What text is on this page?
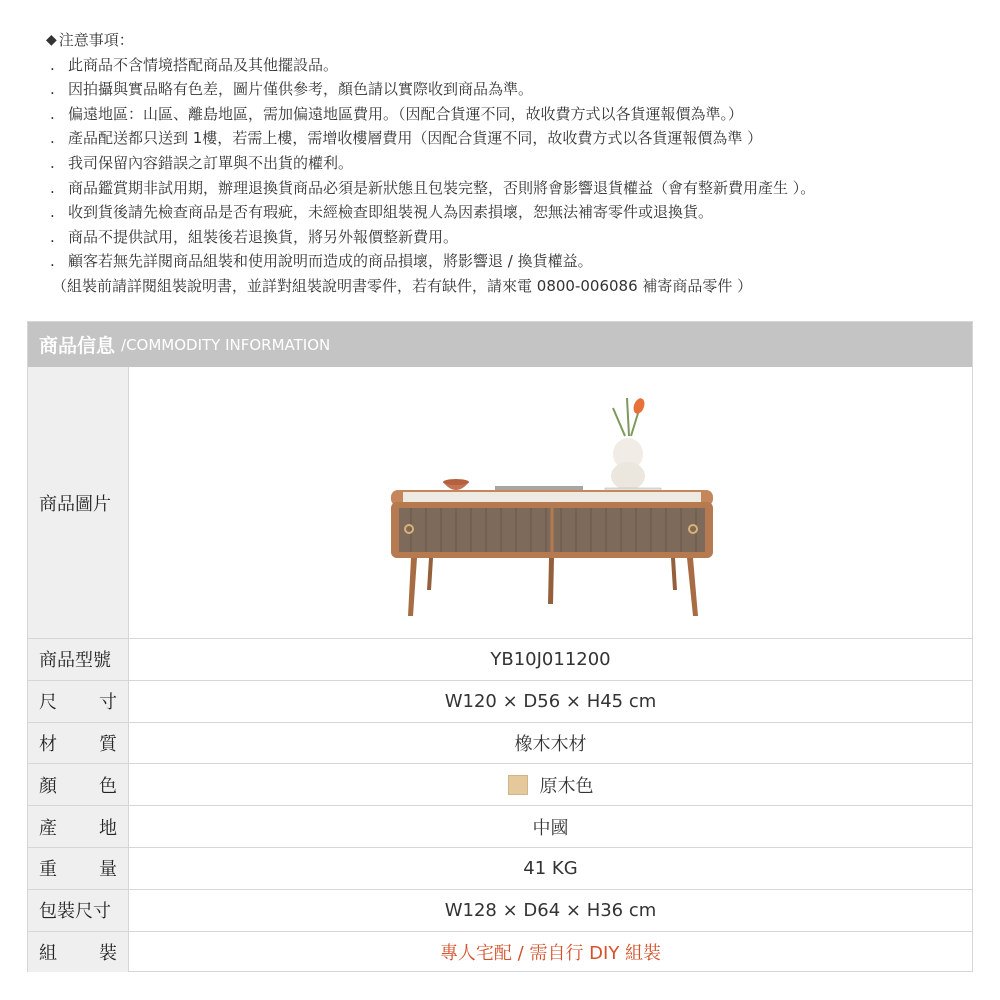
◆ 注意事項：
. 此商品不含情境搭配商品及其他擺設品。
. 因拍攝與實品略有色差，圖片僅供參考，顏色請以實際收到商品為準。
. 偏遠地區：山區、離島地區，需加偏遠地區費用。（因配合貨運不同，故收費方式以各貨運報價為準。）
. 產品配送都只送到 1樓，若需上樓，需增收樓層費用（因配合貨運不同，故收費方式以各貨運報價為準 ）
. 我司保留內容錯誤之訂單與不出貨的權利。
. 商品鑑賞期非試用期，辦理退換貨商品必須是新狀態且包裝完整，否則將會影響退貨權益（會有整新費用產生 ）。
. 收到貨後請先檢查商品是否有瑕疵，未經檢查即組裝視人為因素損壞，恕無法補寄零件或退換貨。
. 商品不提供試用，組裝後若退換貨，將另外報價整新費用。
. 顧客若無先詳閱商品組裝和使用說明而造成的商品損壞，將影響退 / 換貨權益。
（組裝前請詳閱組裝說明書，並詳對組裝說明書零件，若有缺件，請來電 0800-006086 補寄商品零件 ）
商品信息 /COMMODITY INFORMATION
商品圖片
商品型號	YB10J011200
尺 寸	W120 × D56 × H45 cm
材 質	橡木木材
顏 色	原木色
產 地	中國
重 量	41 KG
包裝尺寸	W128 × D64 × H36 cm
組 裝	專人宅配 / 需自行 DIY 組裝
